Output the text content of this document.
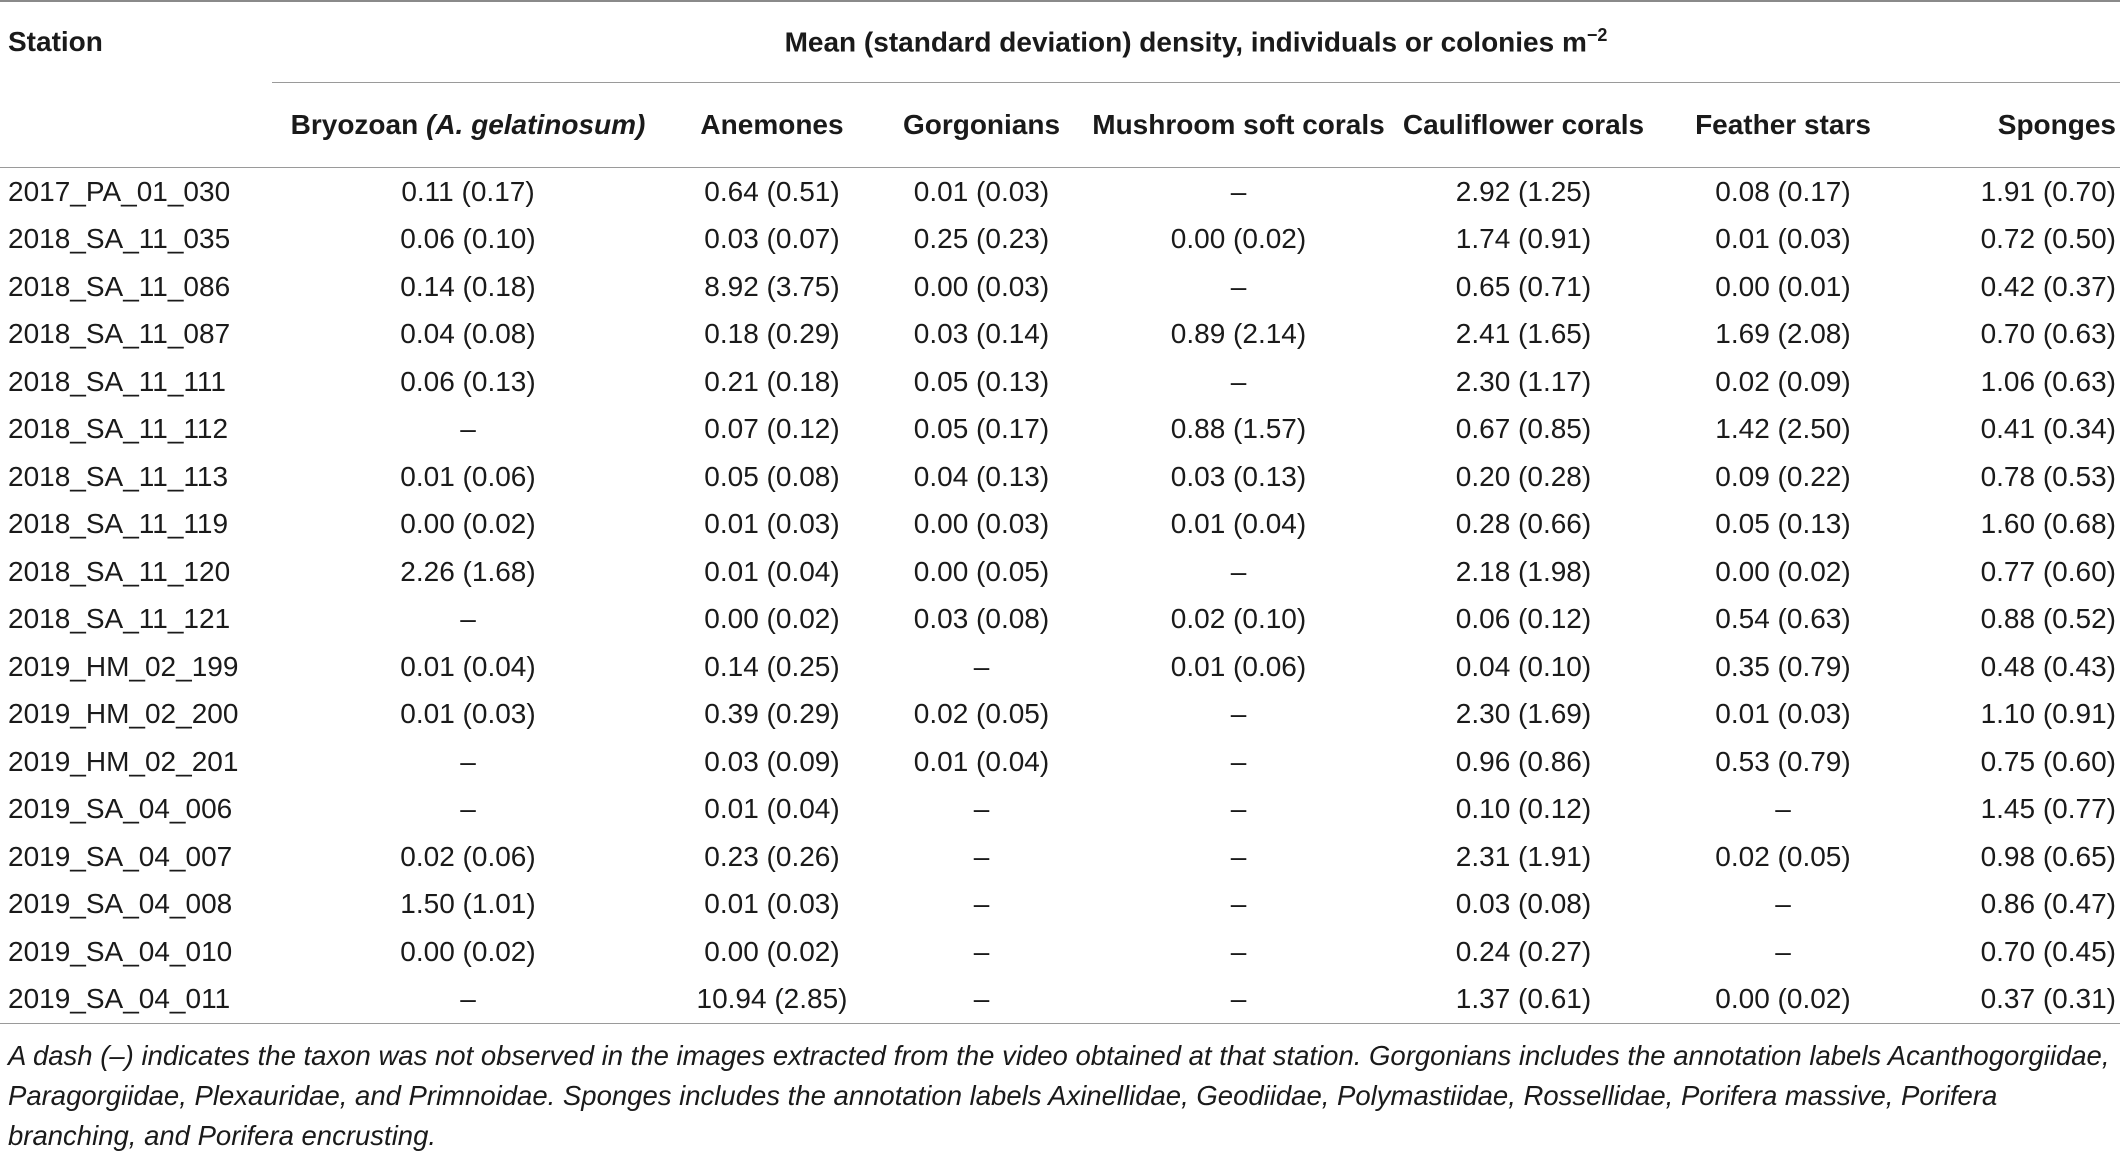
Station	Mean (standard deviation) density, individuals or colonies $m^{-2}$
	Bryozoan (A. gelatinosum)	Anemones	Gorgonians	Mushroom soft corals	Cauliflower corals	Feather stars	Sponges

2017_PA_01_030	0.11 (0.17)	0.64 (0.51)	0.01 (0.03)	–	2.92 (1.25)	0.08 (0.17)	1.91 (0.70)
2018_SA_11_035	0.06 (0.10)	0.03 (0.07)	0.25 (0.23)	0.00 (0.02)	1.74 (0.91)	0.01 (0.03)	0.72 (0.50)
2018_SA_11_086	0.14 (0.18)	8.92 (3.75)	0.00 (0.03)	–	0.65 (0.71)	0.00 (0.01)	0.42 (0.37)
2018_SA_11_087	0.04 (0.08)	0.18 (0.29)	0.03 (0.14)	0.89 (2.14)	2.41 (1.65)	1.69 (2.08)	0.70 (0.63)
2018_SA_11_111	0.06 (0.13)	0.21 (0.18)	0.05 (0.13)	–	2.30 (1.17)	0.02 (0.09)	1.06 (0.63)
2018_SA_11_112	–	0.07 (0.12)	0.05 (0.17)	0.88 (1.57)	0.67 (0.85)	1.42 (2.50)	0.41 (0.34)
2018_SA_11_113	0.01 (0.06)	0.05 (0.08)	0.04 (0.13)	0.03 (0.13)	0.20 (0.28)	0.09 (0.22)	0.78 (0.53)
2018_SA_11_119	0.00 (0.02)	0.01 (0.03)	0.00 (0.03)	0.01 (0.04)	0.28 (0.66)	0.05 (0.13)	1.60 (0.68)
2018_SA_11_120	2.26 (1.68)	0.01 (0.04)	0.00 (0.05)	–	2.18 (1.98)	0.00 (0.02)	0.77 (0.60)
2018_SA_11_121	–	0.00 (0.02)	0.03 (0.08)	0.02 (0.10)	0.06 (0.12)	0.54 (0.63)	0.88 (0.52)
2019_HM_02_199	0.01 (0.04)	0.14 (0.25)	–	0.01 (0.06)	0.04 (0.10)	0.35 (0.79)	0.48 (0.43)
2019_HM_02_200	0.01 (0.03)	0.39 (0.29)	0.02 (0.05)	–	2.30 (1.69)	0.01 (0.03)	1.10 (0.91)
2019_HM_02_201	–	0.03 (0.09)	0.01 (0.04)	–	0.96 (0.86)	0.53 (0.79)	0.75 (0.60)
2019_SA_04_006	–	0.01 (0.04)	–	–	0.10 (0.12)	–	1.45 (0.77)
2019_SA_04_007	0.02 (0.06)	0.23 (0.26)	–	–	2.31 (1.91)	0.02 (0.05)	0.98 (0.65)
2019_SA_04_008	1.50 (1.01)	0.01 (0.03)	–	–	0.03 (0.08)	–	0.86 (0.47)
2019_SA_04_010	0.00 (0.02)	0.00 (0.02)	–	–	0.24 (0.27)	–	0.70 (0.45)
2019_SA_04_011	–	10.94 (2.85)	–	–	1.37 (0.61)	0.00 (0.02)	0.37 (0.31)

A dash (–) indicates the taxon was not observed in the images extracted from the video obtained at that station. Gorgonians includes the annotation labels Acanthogorgiidae, Paragorgiidae, Plexauridae, and Primnoidae. Sponges includes the annotation labels Axinellidae, Geodiidae, Polymastiidae, Rossellidae, Porifera massive, Porifera branching, and Porifera encrusting.
